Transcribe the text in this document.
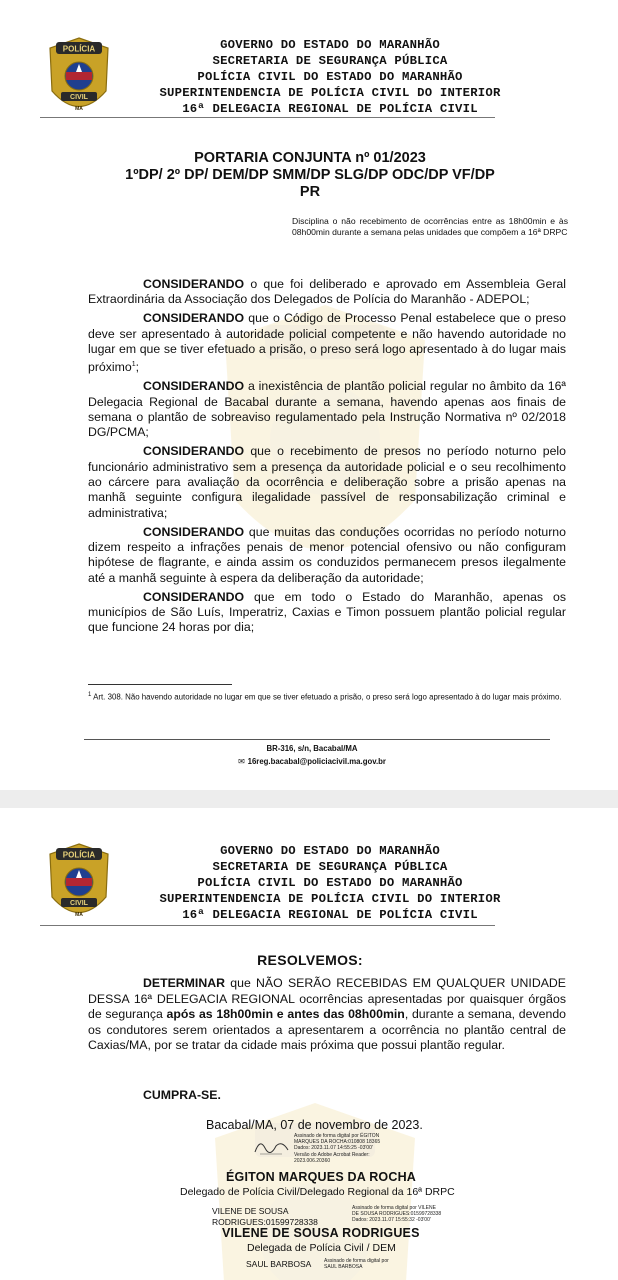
POLÍCIA
CIVIL
MA
GOVERNO DO ESTADO DO MARANHÃO
SECRETARIA DE SEGURANÇA PÚBLICA
POLÍCIA CIVIL DO ESTADO DO MARANHÃO
SUPERINTENDENCIA DE POLÍCIA CIVIL DO INTERIOR
16ª DELEGACIA REGIONAL DE POLÍCIA CIVIL
PORTARIA CONJUNTA nº 01/2023
1ºDP/ 2º DP/ DEM/DP SMM/DP SLG/DP ODC/DP VF/DP
PR
Disciplina o não recebimento de ocorrências entre as 18h00min e às 08h00min durante a semana pelas unidades que compõem a 16ª DRPC

CONSIDERANDO o que foi deliberado e aprovado em Assembleia Geral Extraordinária da Associação dos Delegados de Polícia do Maranhão - ADEPOL;

CONSIDERANDO que o Código de Processo Penal estabelece que o preso deve ser apresentado à autoridade policial competente e não havendo autoridade no lugar em que se tiver efetuado a prisão, o preso será logo apresentado à do lugar mais próximo$^1$;

CONSIDERANDO a inexistência de plantão policial regular no âmbito da 16ª Delegacia Regional de Bacabal durante a semana, havendo apenas aos finais de semana o plantão de sobreaviso regulamentado pela Instrução Normativa nº 02/2018 DG/PCMA;

CONSIDERANDO que o recebimento de presos no período noturno pelo funcionário administrativo sem a presença da autoridade policial e o seu recolhimento ao cárcere para avaliação da ocorrência e deliberação sobre a prisão apenas na manhã seguinte configura ilegalidade passível de responsabilização criminal e administrativa;

CONSIDERANDO que muitas das conduções ocorridas no período noturno dizem respeito a infrações penais de menor potencial ofensivo ou não configuram hipótese de flagrante, e ainda assim os conduzidos permanecem presos ilegalmente até a manhã seguinte à espera da deliberação da autoridade;

CONSIDERANDO que em todo o Estado do Maranhão, apenas os municípios de São Luís, Imperatriz, Caxias e Timon possuem plantão policial regular que funcione 24 horas por dia;

$^1$ Art. 308. Não havendo autoridade no lugar em que se tiver efetuado a prisão, o preso será logo apresentado à do lugar mais próximo.
BR-316, s/n, Bacabal/MA
✉ 16reg.bacabal@policiacivil.ma.gov.br
POLÍCIA
CIVIL
MA
GOVERNO DO ESTADO DO MARANHÃO
SECRETARIA DE SEGURANÇA PÚBLICA
POLÍCIA CIVIL DO ESTADO DO MARANHÃO
SUPERINTENDENCIA DE POLÍCIA CIVIL DO INTERIOR
16ª DELEGACIA REGIONAL DE POLÍCIA CIVIL
RESOLVEMOS:
DETERMINAR que NÃO SERÃO RECEBIDAS EM QUALQUER UNIDADE DESSA 16ª DELEGACIA REGIONAL ocorrências apresentadas por quaisquer órgãos de segurança após as 18h00min e antes das 08h00min, durante a semana, devendo os condutores serem orientados a apresentarem a ocorrência no plantão central de Caxias/MA, por se tratar da cidade mais próxima que possui plantão regular.
CUMPRA-SE.
Bacabal/MA, 07 de novembro de 2023.
Assinado de forma digital por ÉGITON
MARQUES DA ROCHA:010808 18365
Dados: 2023.11.07 14:55:25 -03'00'
Versão do Adobe Acrobat Reader:
2023.006.20360
ÉGITON MARQUES DA ROCHA
Delegado de Polícia Civil/Delegado Regional da 16ª DRPC
VILENE DE SOUSA
RODRIGUES:01599728338
Assinado de forma digital por VILENE
DE SOUSA RODRIGUES:01599728338
Dados: 2023.11.07 15:55:32 -03'00'
VILENE DE SOUSA RODRIGUES
Delegada de Polícia Civil / DEM
SAUL BARBOSA	Assinado de forma digital por
SAUL BARBOSA
